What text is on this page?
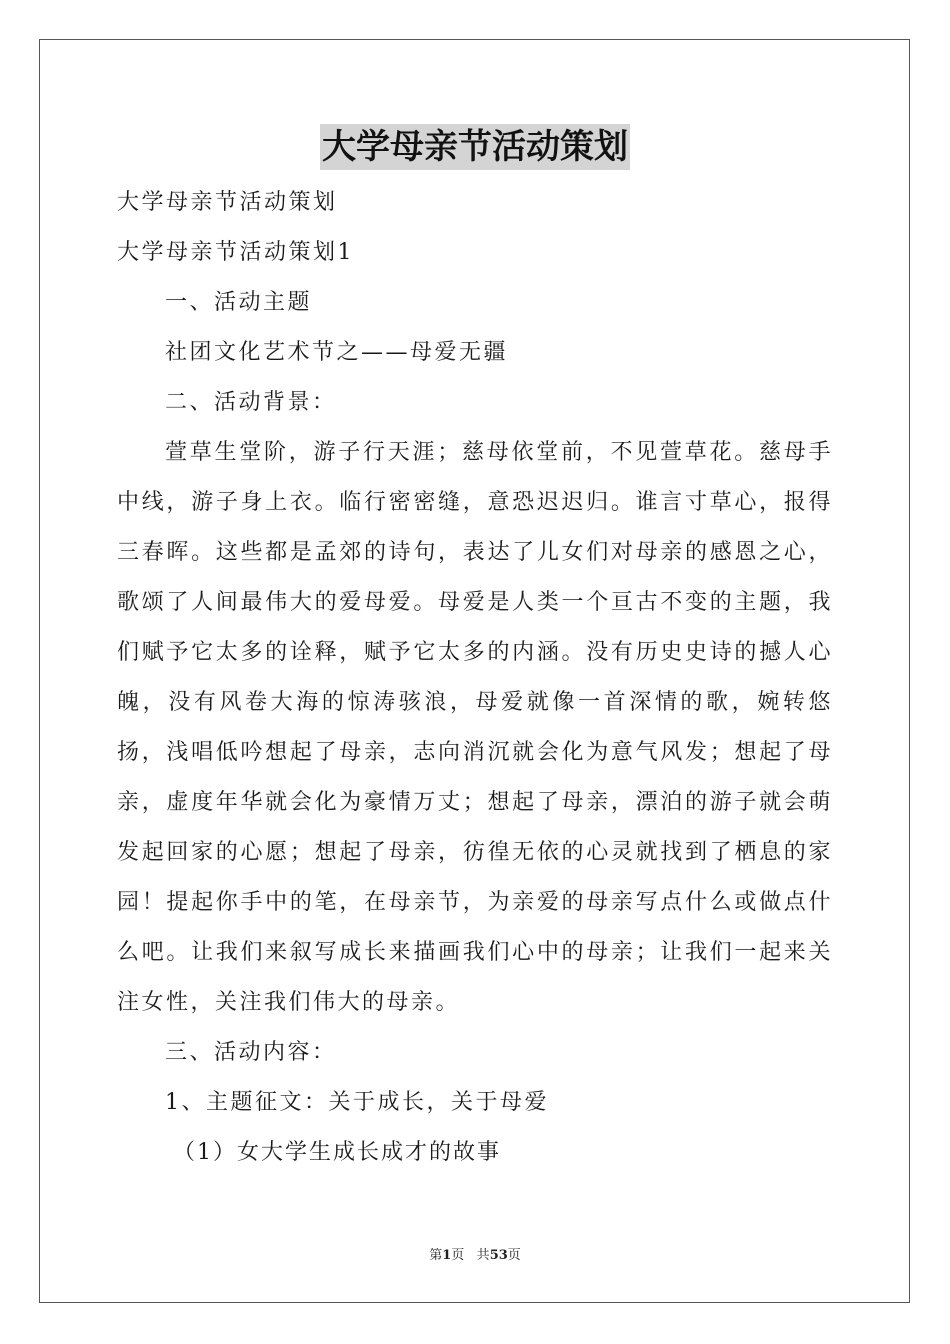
大学母亲节活动策划

大学母亲节活动策划

大学母亲节活动策划1

一、活动主题

社团文化艺术节之——母爱无疆

二、活动背景：

萱草生堂阶，游子行天涯；慈母依堂前，不见萱草花。慈母手中线，游子身上衣。临行密密缝，意恐迟迟归。谁言寸草心，报得三春晖。这些都是孟郊的诗句，表达了儿女们对母亲的感恩之心，歌颂了人间最伟大的爱母爱。母爱是人类一个亘古不变的主题，我们赋予它太多的诠释，赋予它太多的内涵。没有历史史诗的撼人心魄，没有风卷大海的惊涛骇浪，母爱就像一首深情的歌，婉转悠扬，浅唱低吟想起了母亲，志向消沉就会化为意气风发；想起了母亲，虚度年华就会化为豪情万丈；想起了母亲，漂泊的游子就会萌发起回家的心愿；想起了母亲，彷徨无依的心灵就找到了栖息的家园！提起你手中的笔，在母亲节，为亲爱的母亲写点什么或做点什么吧。让我们来叙写成长来描画我们心中的母亲；让我们一起来关注女性，关注我们伟大的母亲。

三、活动内容：

1、主题征文：关于成长，关于母爱

（1）女大学生成长成才的故事

第1页 共53页
